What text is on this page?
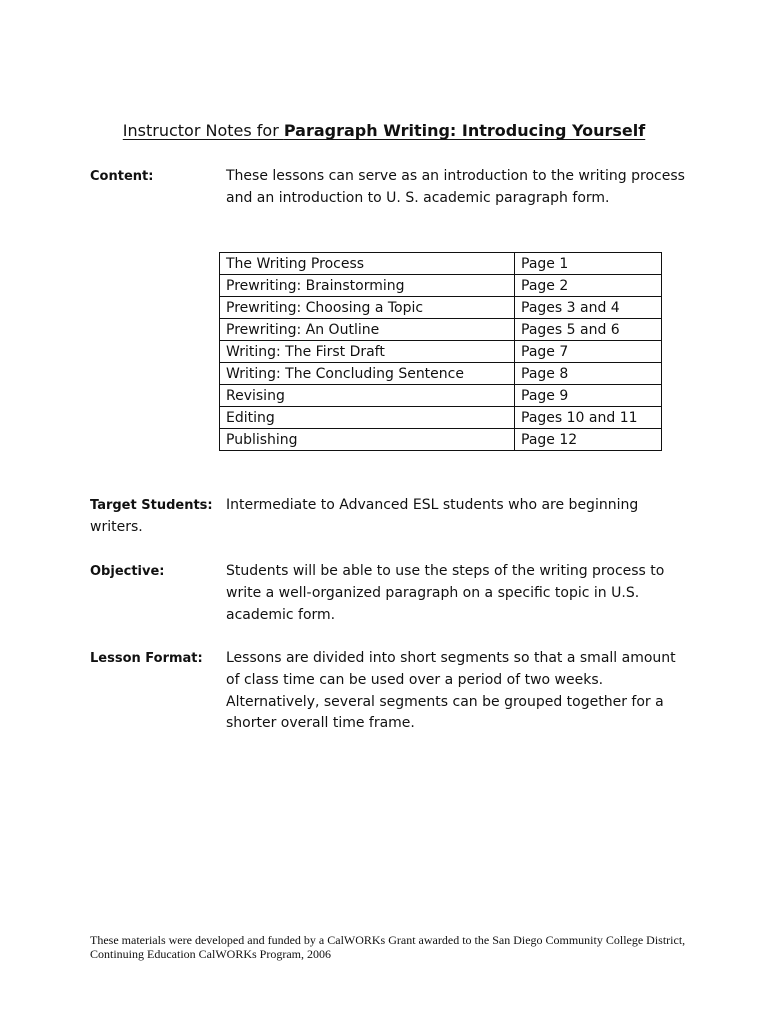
Instructor Notes for Paragraph Writing: Introducing Yourself
Content:	These lessons can serve as an introduction to the writing process and an introduction to U. S. academic paragraph form.
The Writing Process	Page 1
Prewriting: Brainstorming	Page 2
Prewriting: Choosing a Topic	Pages 3 and 4
Prewriting: An Outline	Pages 5 and 6
Writing: The First Draft	Page 7
Writing: The Concluding Sentence	Page 8
Revising	Page 9
Editing	Pages 10 and 11
Publishing	Page 12
Target Students: Intermediate to Advanced ESL students who are beginning
writers.
Objective:	Students will be able to use the steps of the writing process to write a well-organized paragraph on a specific topic in U.S. academic form.
Lesson Format: Lessons are divided into short segments so that a small amount of class time can be used over a period of two weeks. Alternatively, several segments can be grouped together for a shorter overall time frame.
These materials were developed and funded by a CalWORKs Grant awarded to the San Diego Community College District, Continuing Education CalWORKs Program, 2006
